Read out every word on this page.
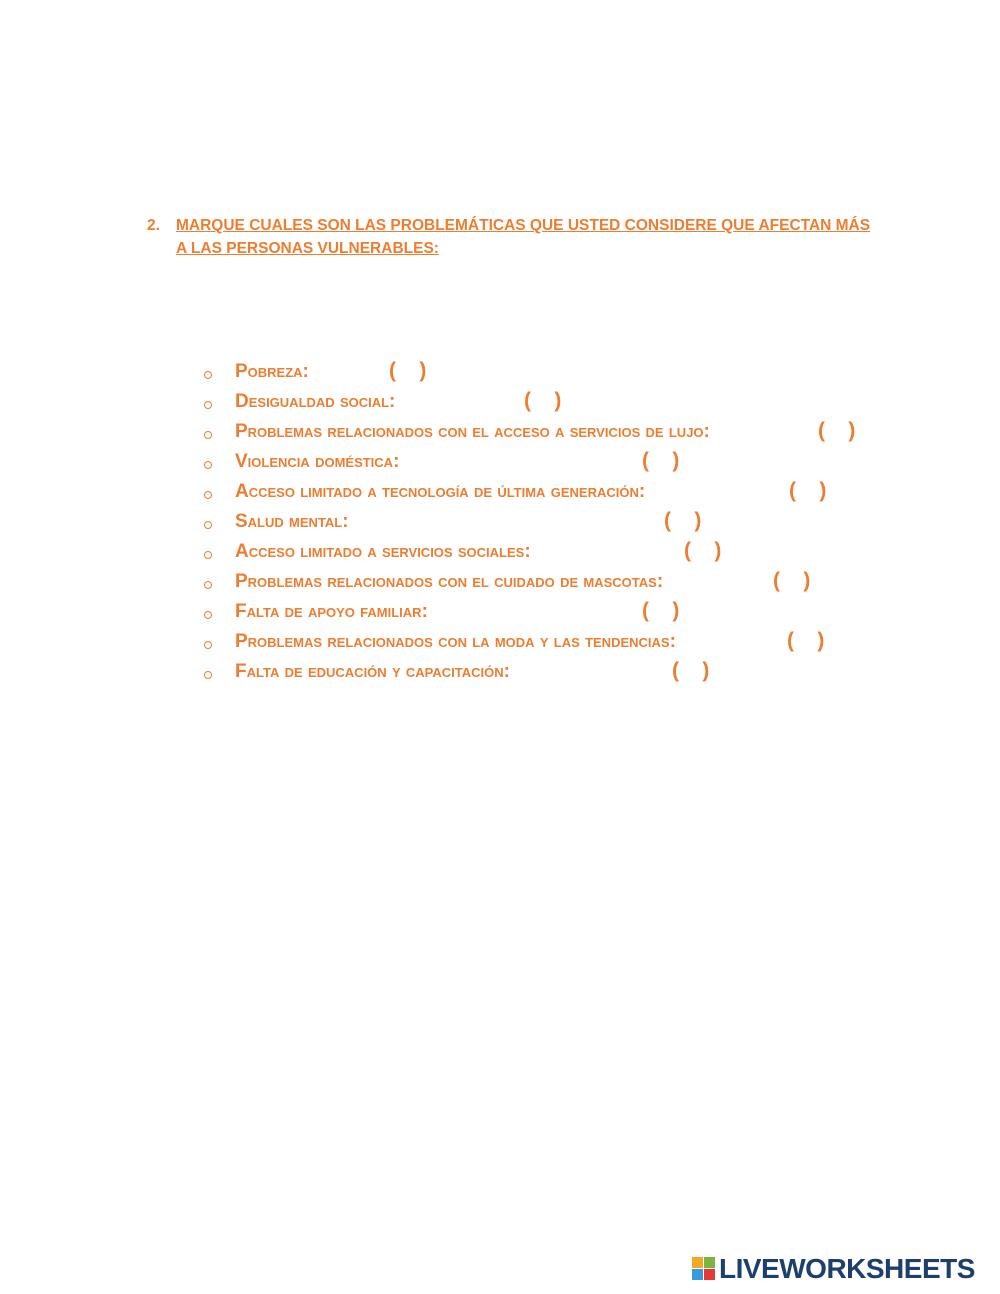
2. MARQUE CUALES SON LAS PROBLEMÁTICAS QUE USTED CONSIDERE QUE AFECTAN MÁS A LAS PERSONAS VULNERABLES:
Pobreza:	(    )
Desigualdad social:	(    )
Problemas relacionados con el acceso a servicios de lujo:	(    )
Violencia doméstica:	(    )
Acceso limitado a tecnología de última generación:	(    )
Salud mental:	(    )
Acceso limitado a servicios sociales:	(    )
Problemas relacionados con el cuidado de mascotas:	(    )
Falta de apoyo familiar:	(    )
Problemas relacionados con la moda y las tendencias:	(    )
Falta de educación y capacitación:	(    )
LIVEWORKSHEETS
